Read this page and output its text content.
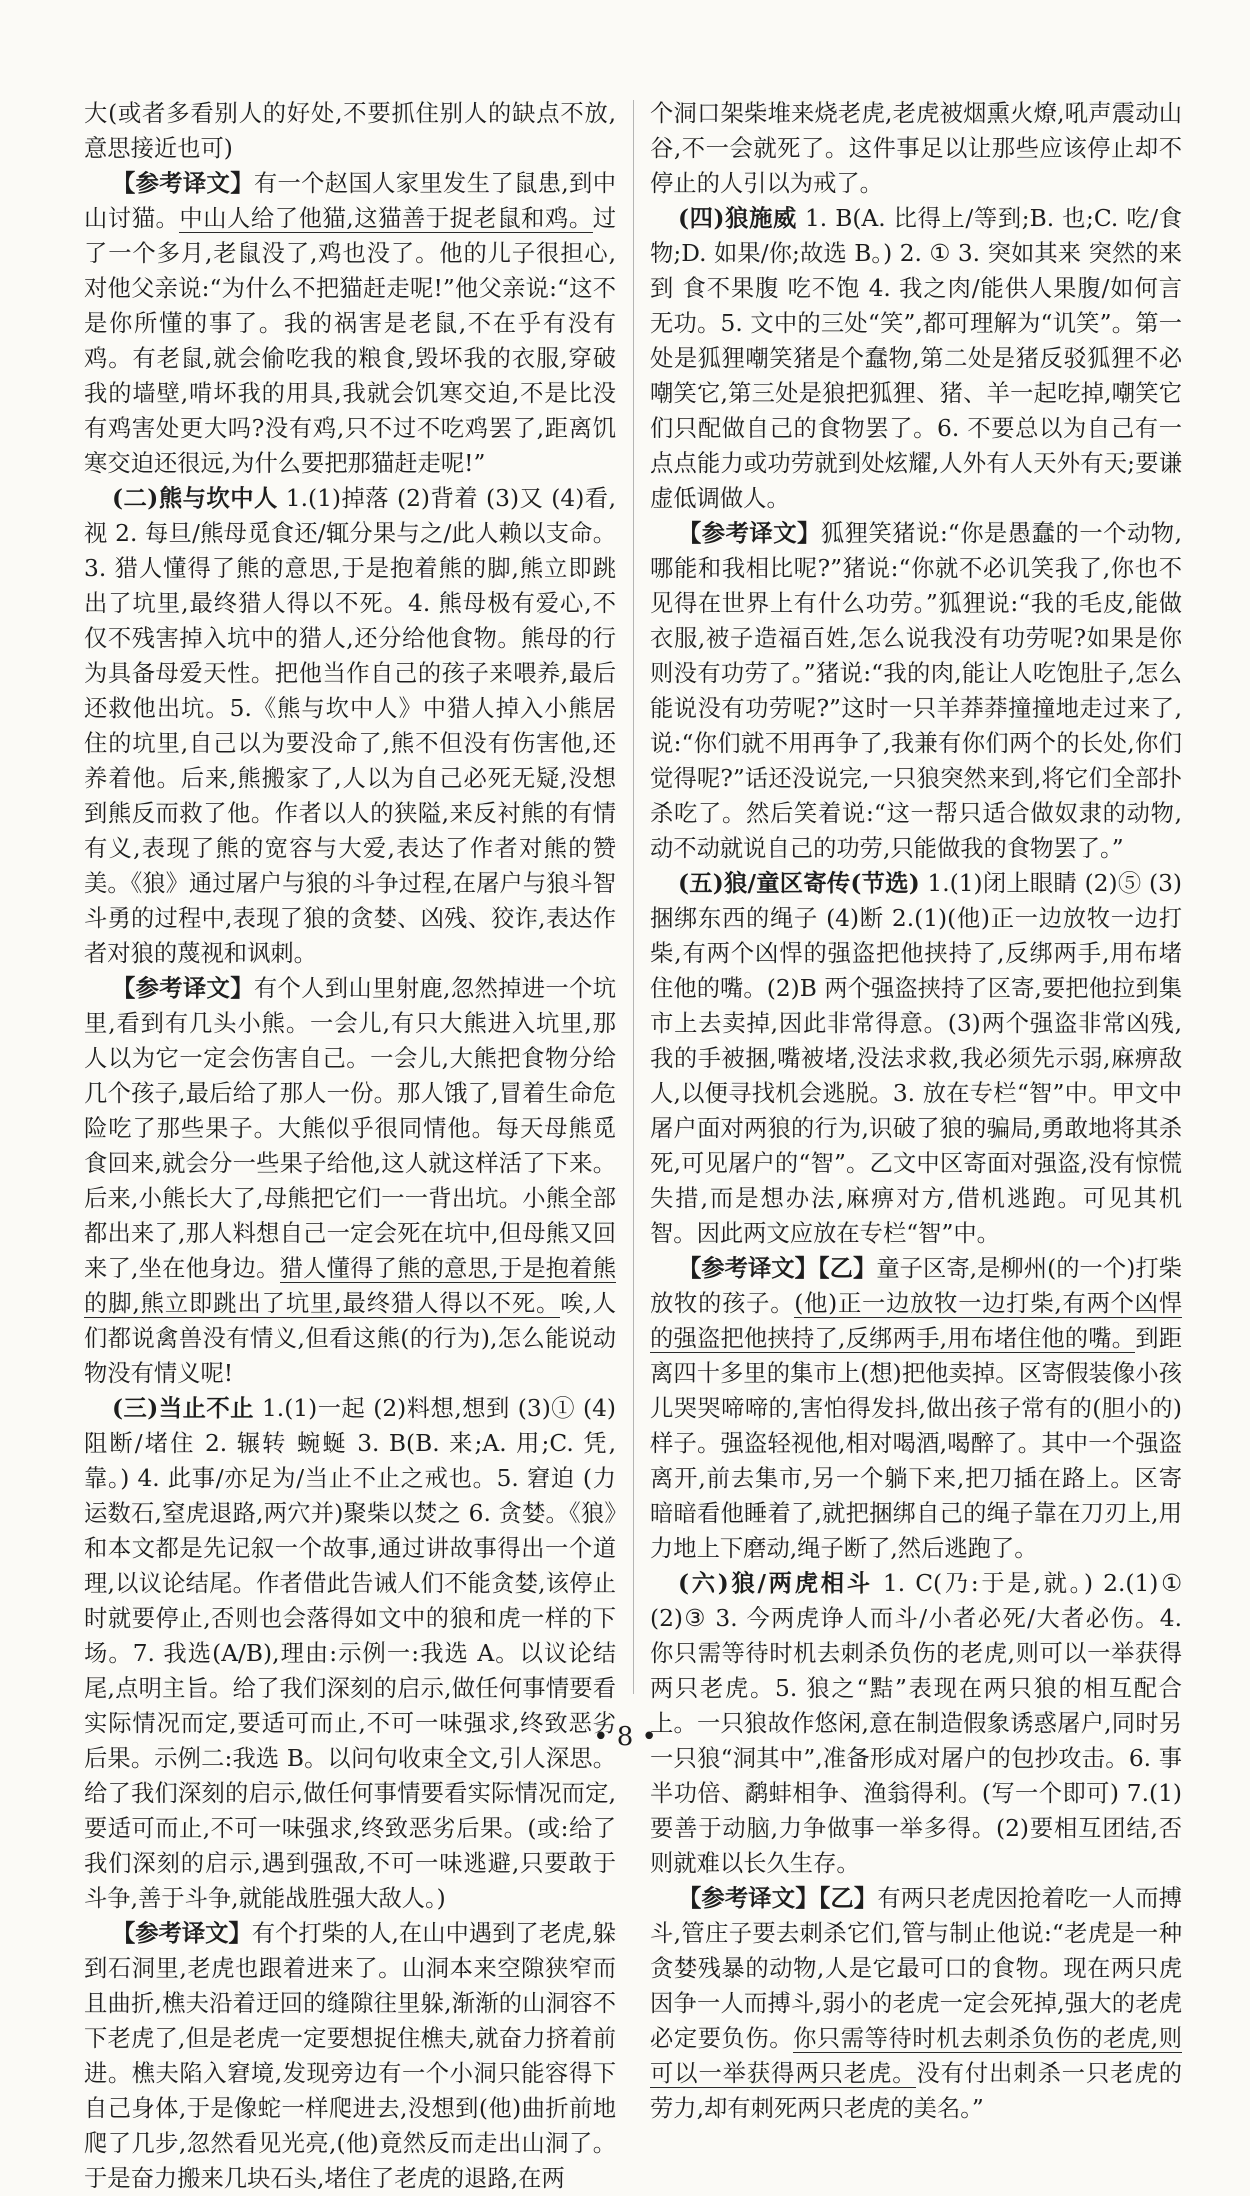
大(或者多看别人的好处,不要抓住别人的缺点不放,意思接近也可)

【参考译文】有一个赵国人家里发生了鼠患,到中山讨猫。中山人给了他猫,这猫善于捉老鼠和鸡。过了一个多月,老鼠没了,鸡也没了。他的儿子很担心,对他父亲说:“为什么不把猫赶走呢!”他父亲说:“这不是你所懂的事了。我的祸害是老鼠,不在乎有没有鸡。有老鼠,就会偷吃我的粮食,毁坏我的衣服,穿破我的墙壁,啃坏我的用具,我就会饥寒交迫,不是比没有鸡害处更大吗?没有鸡,只不过不吃鸡罢了,距离饥寒交迫还很远,为什么要把那猫赶走呢!”

(二)熊与坎中人 1.(1)掉落 (2)背着 (3)又 (4)看,视 2. 每旦/熊母觅食还/辄分果与之/此人赖以支命。3. 猎人懂得了熊的意思,于是抱着熊的脚,熊立即跳出了坑里,最终猎人得以不死。4. 熊母极有爱心,不仅不残害掉入坑中的猎人,还分给他食物。熊母的行为具备母爱天性。把他当作自己的孩子来喂养,最后还救他出坑。5.《熊与坎中人》中猎人掉入小熊居住的坑里,自己以为要没命了,熊不但没有伤害他,还养着他。后来,熊搬家了,人以为自己必死无疑,没想到熊反而救了他。作者以人的狭隘,来反衬熊的有情有义,表现了熊的宽容与大爱,表达了作者对熊的赞美。《狼》通过屠户与狼的斗争过程,在屠户与狼斗智斗勇的过程中,表现了狼的贪婪、凶残、狡诈,表达作者对狼的蔑视和讽刺。

【参考译文】有个人到山里射鹿,忽然掉进一个坑里,看到有几头小熊。一会儿,有只大熊进入坑里,那人以为它一定会伤害自己。一会儿,大熊把食物分给几个孩子,最后给了那人一份。那人饿了,冒着生命危险吃了那些果子。大熊似乎很同情他。每天母熊觅食回来,就会分一些果子给他,这人就这样活了下来。后来,小熊长大了,母熊把它们一一背出坑。小熊全部都出来了,那人料想自己一定会死在坑中,但母熊又回来了,坐在他身边。猎人懂得了熊的意思,于是抱着熊的脚,熊立即跳出了坑里,最终猎人得以不死。唉,人们都说禽兽没有情义,但看这熊(的行为),怎么能说动物没有情义呢!

(三)当止不止 1.(1)一起 (2)料想,想到 (3)① (4)阻断/堵住 2. 辗转 蜿蜒 3. B(B. 来;A. 用;C. 凭,靠。) 4. 此事/亦足为/当止不止之戒也。5. 窘迫 (力运数石,窒虎退路,两穴并)聚柴以焚之 6. 贪婪。《狼》和本文都是先记叙一个故事,通过讲故事得出一个道理,以议论结尾。作者借此告诫人们不能贪婪,该停止时就要停止,否则也会落得如文中的狼和虎一样的下场。7. 我选(A/B),理由:示例一:我选 A。以议论结尾,点明主旨。给了我们深刻的启示,做任何事情要看实际情况而定,要适可而止,不可一味强求,终致恶劣后果。示例二:我选 B。以问句收束全文,引人深思。给了我们深刻的启示,做任何事情要看实际情况而定,要适可而止,不可一味强求,终致恶劣后果。(或:给了我们深刻的启示,遇到强敌,不可一味逃避,只要敢于斗争,善于斗争,就能战胜强大敌人。)

【参考译文】有个打柴的人,在山中遇到了老虎,躲到石洞里,老虎也跟着进来了。山洞本来空隙狭窄而且曲折,樵夫沿着迂回的缝隙往里躲,渐渐的山洞容不下老虎了,但是老虎一定要想捉住樵夫,就奋力挤着前进。樵夫陷入窘境,发现旁边有一个小洞只能容得下自己身体,于是像蛇一样爬进去,没想到(他)曲折前地爬了几步,忽然看见光亮,(他)竟然反而走出山洞了。于是奋力搬来几块石头,堵住了老虎的退路,在两

个洞口架柴堆来烧老虎,老虎被烟熏火燎,吼声震动山谷,不一会就死了。这件事足以让那些应该停止却不停止的人引以为戒了。

(四)狼施威 1. B(A. 比得上/等到;B. 也;C. 吃/食物;D. 如果/你;故选 B。) 2. ① 3. 突如其来 突然的来到 食不果腹 吃不饱 4. 我之肉/能供人果腹/如何言无功。5. 文中的三处“笑”,都可理解为“讥笑”。第一处是狐狸嘲笑猪是个蠢物,第二处是猪反驳狐狸不必嘲笑它,第三处是狼把狐狸、猪、羊一起吃掉,嘲笑它们只配做自己的食物罢了。6. 不要总以为自己有一点点能力或功劳就到处炫耀,人外有人天外有天;要谦虚低调做人。

【参考译文】狐狸笑猪说:“你是愚蠢的一个动物,哪能和我相比呢?”猪说:“你就不必讥笑我了,你也不见得在世界上有什么功劳。”狐狸说:“我的毛皮,能做衣服,被子造福百姓,怎么说我没有功劳呢?如果是你则没有功劳了。”猪说:“我的肉,能让人吃饱肚子,怎么能说没有功劳呢?”这时一只羊莽莽撞撞地走过来了,说:“你们就不用再争了,我兼有你们两个的长处,你们觉得呢?”话还没说完,一只狼突然来到,将它们全部扑杀吃了。然后笑着说:“这一帮只适合做奴隶的动物,动不动就说自己的功劳,只能做我的食物罢了。”

(五)狼/童区寄传(节选) 1.(1)闭上眼睛 (2)⑤ (3)捆绑东西的绳子 (4)断 2.(1)(他)正一边放牧一边打柴,有两个凶悍的强盗把他挟持了,反绑两手,用布堵住他的嘴。(2)B 两个强盗挟持了区寄,要把他拉到集市上去卖掉,因此非常得意。(3)两个强盗非常凶残,我的手被捆,嘴被堵,没法求救,我必须先示弱,麻痹敌人,以便寻找机会逃脱。3. 放在专栏“智”中。甲文中屠户面对两狼的行为,识破了狼的骗局,勇敢地将其杀死,可见屠户的“智”。乙文中区寄面对强盗,没有惊慌失措,而是想办法,麻痹对方,借机逃跑。可见其机智。因此两文应放在专栏“智”中。

【参考译文】【乙】童子区寄,是柳州(的一个)打柴放牧的孩子。(他)正一边放牧一边打柴,有两个凶悍的强盗把他挟持了,反绑两手,用布堵住他的嘴。到距离四十多里的集市上(想)把他卖掉。区寄假装像小孩儿哭哭啼啼的,害怕得发抖,做出孩子常有的(胆小的)样子。强盗轻视他,相对喝酒,喝醉了。其中一个强盗离开,前去集市,另一个躺下来,把刀插在路上。区寄暗暗看他睡着了,就把捆绑自己的绳子靠在刀刃上,用力地上下磨动,绳子断了,然后逃跑了。

(六)狼/两虎相斗 1. C(乃:于是,就。) 2.(1)① (2)③ 3. 今两虎诤人而斗/小者必死/大者必伤。4. 你只需等待时机去刺杀负伤的老虎,则可以一举获得两只老虎。5. 狼之“黠”表现在两只狼的相互配合上。一只狼故作悠闲,意在制造假象诱惑屠户,同时另一只狼“洞其中”,准备形成对屠户的包抄攻击。6. 事半功倍、鹬蚌相争、渔翁得利。(写一个即可) 7.(1)要善于动脑,力争做事一举多得。(2)要相互团结,否则就难以长久生存。

【参考译文】【乙】有两只老虎因抢着吃一人而搏斗,管庄子要去刺杀它们,管与制止他说:“老虎是一种贪婪残暴的动物,人是它最可口的食物。现在两只虎因争一人而搏斗,弱小的老虎一定会死掉,强大的老虎必定要负伤。你只需等待时机去刺杀负伤的老虎,则可以一举获得两只老虎。没有付出刺杀一只老虎的劳力,却有刺死两只老虎的美名。”

• 8 •
